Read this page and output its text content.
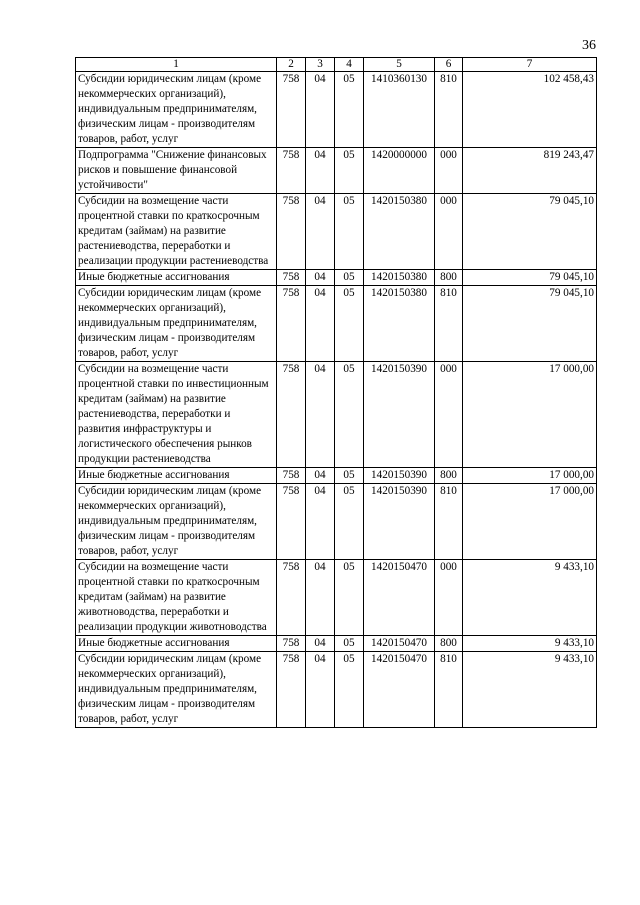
36
1	2	3	4	5	6	7
Субсидии юридическим лицам (кроме некоммерческих организаций), индивидуальным предпринимателям, физическим лицам - производителям товаров, работ, услуг	758	04	05	1410360130	810	102 458,43
Подпрограмма "Снижение финансовых рисков и повышение финансовой устойчивости"	758	04	05	1420000000	000	819 243,47
Субсидии на возмещение части процентной ставки по краткосрочным кредитам (займам) на развитие растениеводства, переработки и реализации продукции растениеводства	758	04	05	1420150380	000	79 045,10
Иные бюджетные ассигнования	758	04	05	1420150380	800	79 045,10
Субсидии юридическим лицам (кроме некоммерческих организаций), индивидуальным предпринимателям, физическим лицам - производителям товаров, работ, услуг	758	04	05	1420150380	810	79 045,10
Субсидии на возмещение части процентной ставки по инвестиционным кредитам (займам) на развитие растениеводства, переработки и развития инфраструктуры и логистического обеспечения рынков продукции растениеводства	758	04	05	1420150390	000	17 000,00
Иные бюджетные ассигнования	758	04	05	1420150390	800	17 000,00
Субсидии юридическим лицам (кроме некоммерческих организаций), индивидуальным предпринимателям, физическим лицам - производителям товаров, работ, услуг	758	04	05	1420150390	810	17 000,00
Субсидии на возмещение части процентной ставки по краткосрочным кредитам (займам) на развитие животноводства, переработки и реализации продукции животноводства	758	04	05	1420150470	000	9 433,10
Иные бюджетные ассигнования	758	04	05	1420150470	800	9 433,10
Субсидии юридическим лицам (кроме некоммерческих организаций), индивидуальным предпринимателям, физическим лицам - производителям товаров, работ, услуг	758	04	05	1420150470	810	9 433,10
